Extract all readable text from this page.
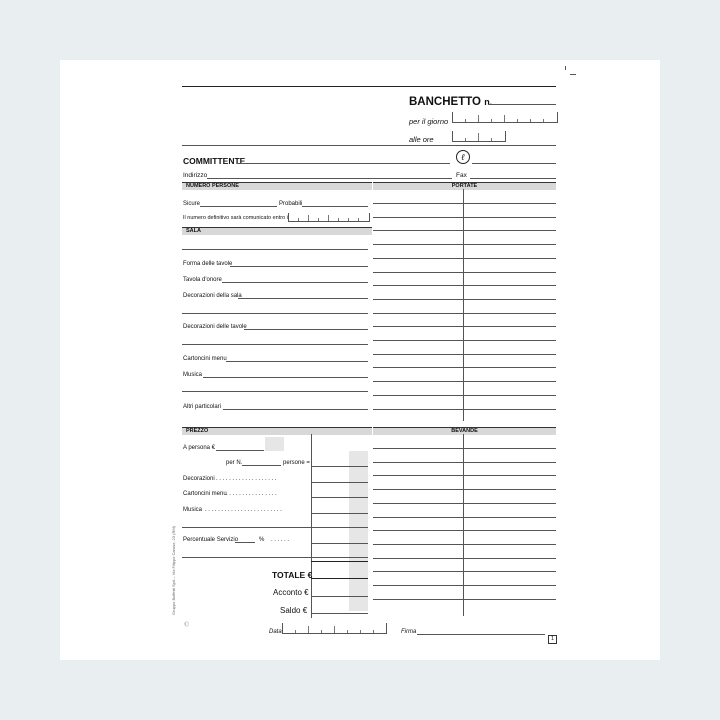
BANCHETTO n.
per il giorno
alle ore
COMMITTENTE	ℓ
Indirizzo	Fax
NUMERO PERSONE
Sicure	Probabili
Il numero definitivo sarà comunicato entro il
SALA
Forma delle tavole
Tavola d'onore
Decorazioni della sala
Decorazioni delle tavole
Cartoncini menu
Musica
Altri particolari
PORTATE
PREZZO
A persona €
per N.	persone =
Decorazioni ...................
Cartoncini menu ................
Musica ........................
Percentuale Servizio	% ......
TOTALE €
Acconto €
Saldo €
BEVANDE
Gruppo Buffetti SpA – Via Filippo Caruso, 23 (RM)
Ⓒ
Data	Firma
1
